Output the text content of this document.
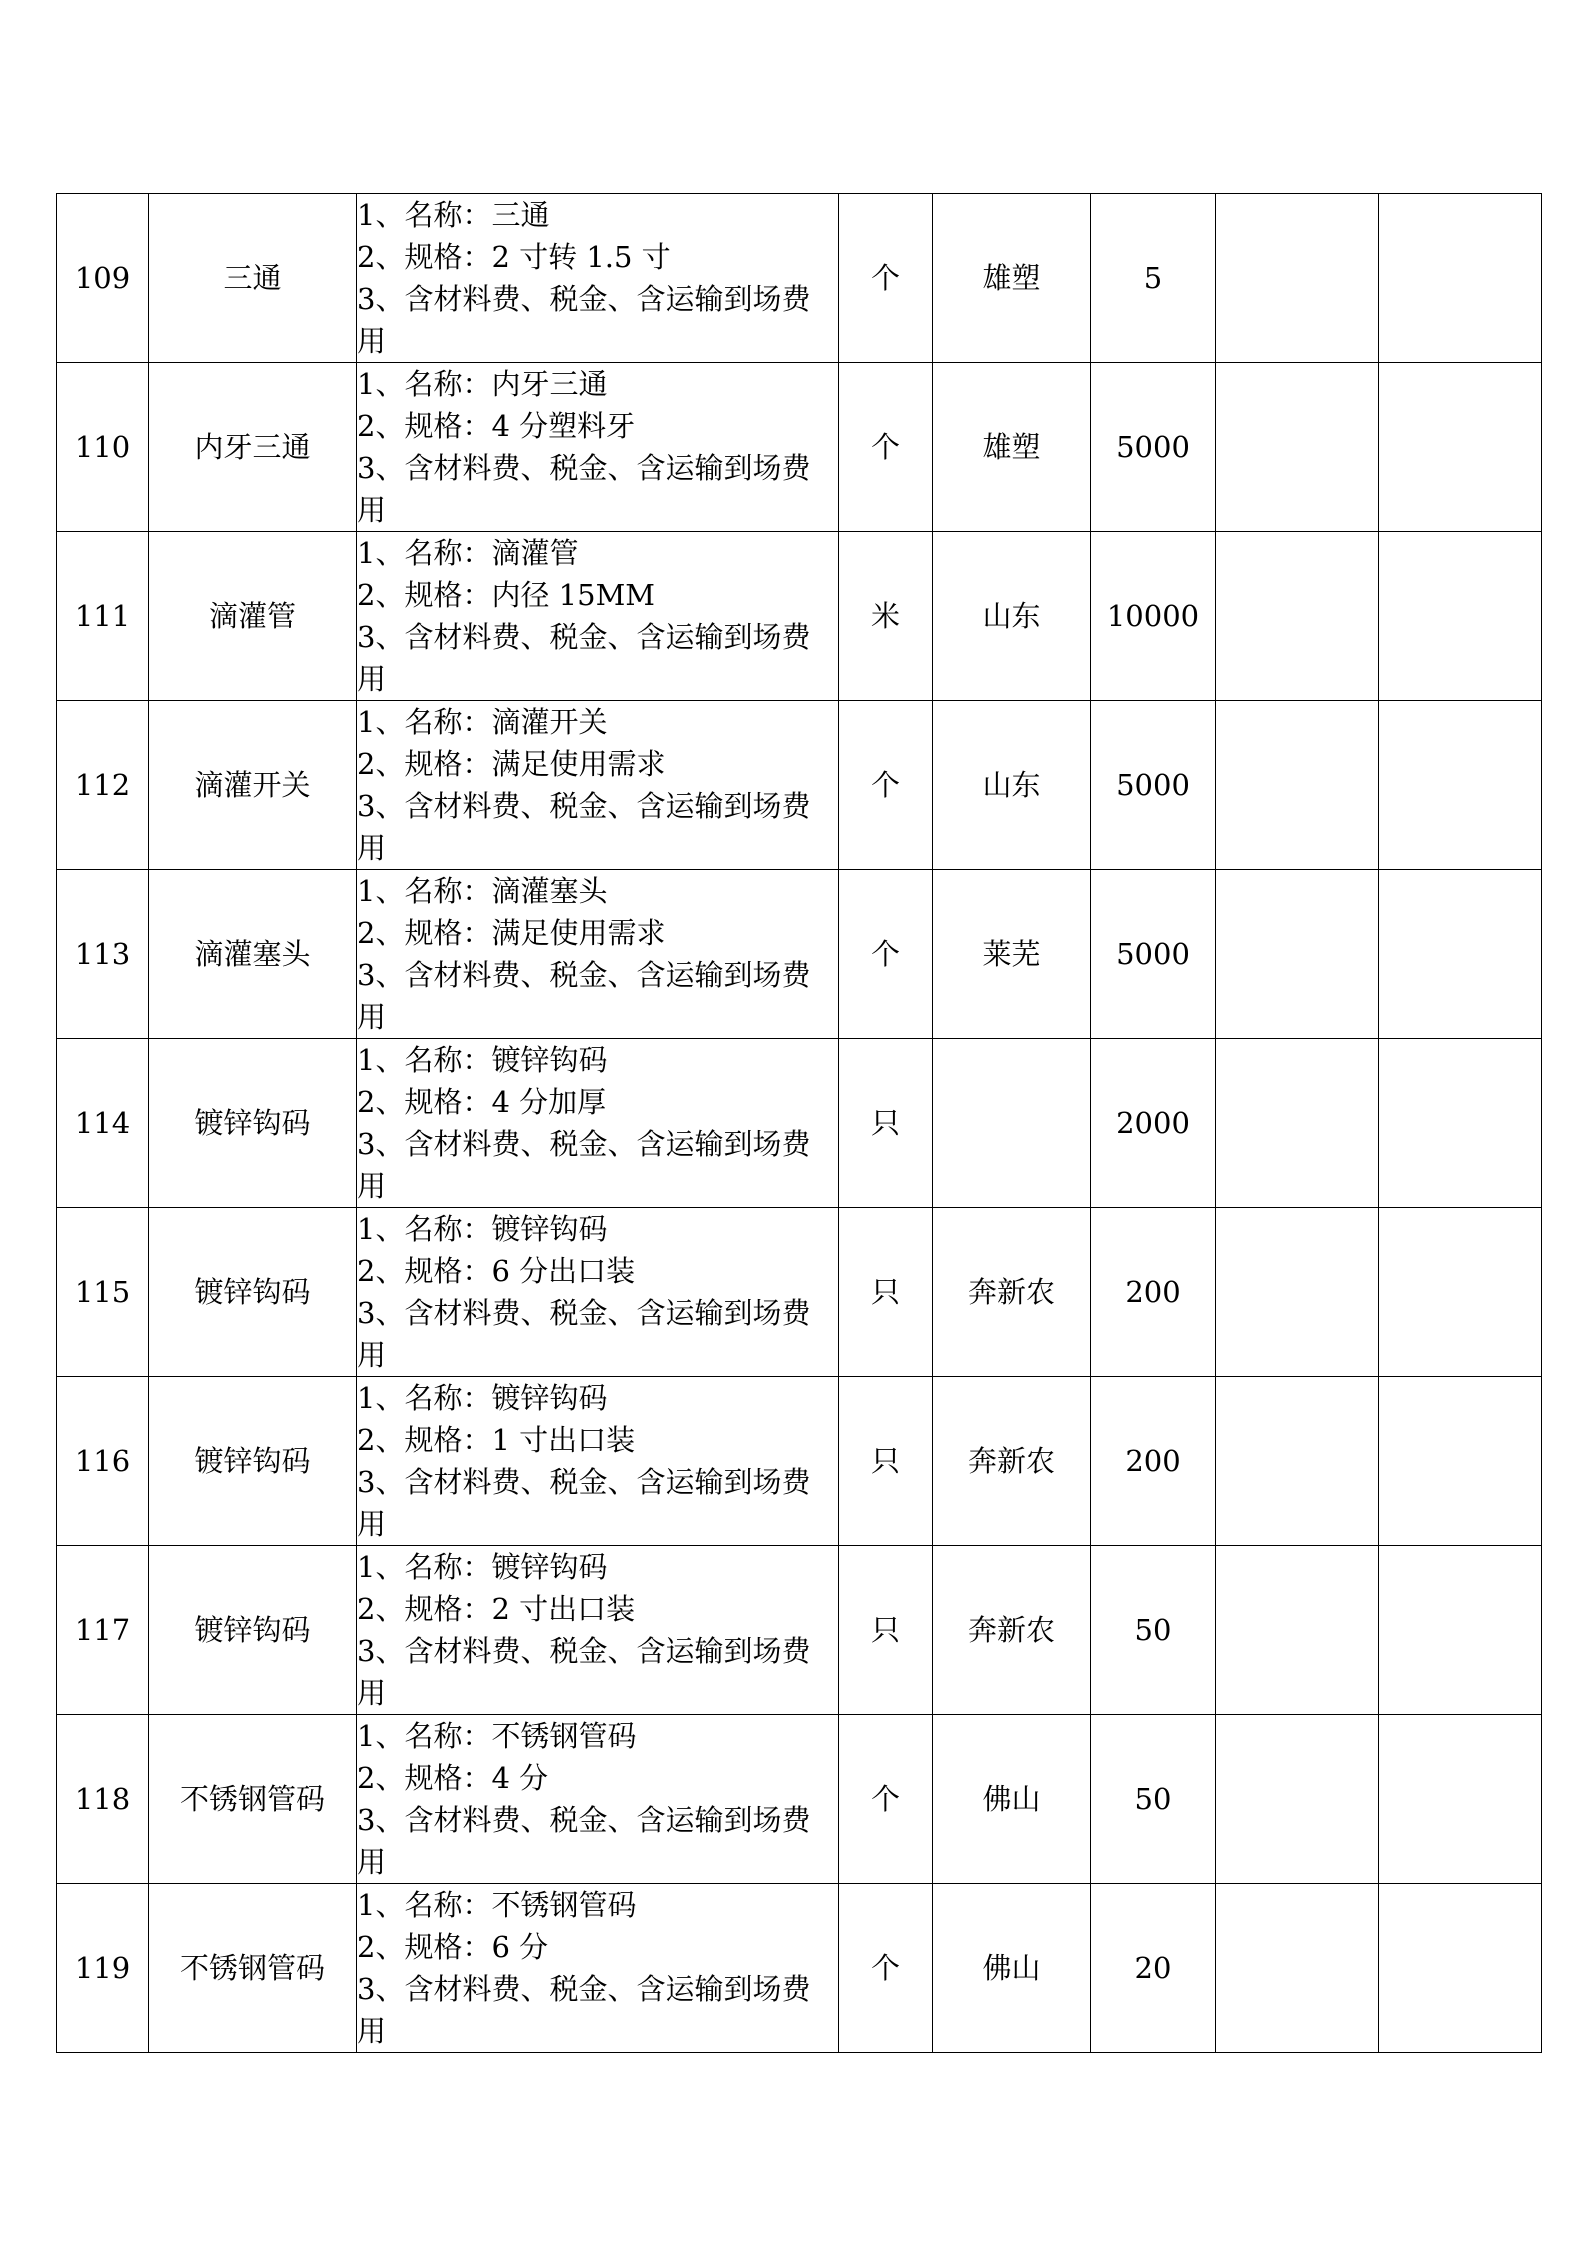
109	三通	1、名称：三通
2、规格：2 寸转 1.5 寸
3、含材料费、税金、含运输到场费
用	个	雄塑	5		
110	内牙三通	1、名称：内牙三通
2、规格：4 分塑料牙
3、含材料费、税金、含运输到场费
用	个	雄塑	5000		
111	滴灌管	1、名称：滴灌管
2、规格：内径 15MM
3、含材料费、税金、含运输到场费
用	米	山东	10000		
112	滴灌开关	1、名称：滴灌开关
2、规格：满足使用需求
3、含材料费、税金、含运输到场费
用	个	山东	5000		
113	滴灌塞头	1、名称：滴灌塞头
2、规格：满足使用需求
3、含材料费、税金、含运输到场费
用	个	莱芜	5000		
114	镀锌钩码	1、名称：镀锌钩码
2、规格：4 分加厚
3、含材料费、税金、含运输到场费
用	只		2000		
115	镀锌钩码	1、名称：镀锌钩码
2、规格：6 分出口装
3、含材料费、税金、含运输到场费
用	只	奔新农	200		
116	镀锌钩码	1、名称：镀锌钩码
2、规格：1 寸出口装
3、含材料费、税金、含运输到场费
用	只	奔新农	200		
117	镀锌钩码	1、名称：镀锌钩码
2、规格：2 寸出口装
3、含材料费、税金、含运输到场费
用	只	奔新农	50		
118	不锈钢管码	1、名称：不锈钢管码
2、规格：4 分
3、含材料费、税金、含运输到场费
用	个	佛山	50		
119	不锈钢管码	1、名称：不锈钢管码
2、规格：6 分
3、含材料费、税金、含运输到场费
用	个	佛山	20		
